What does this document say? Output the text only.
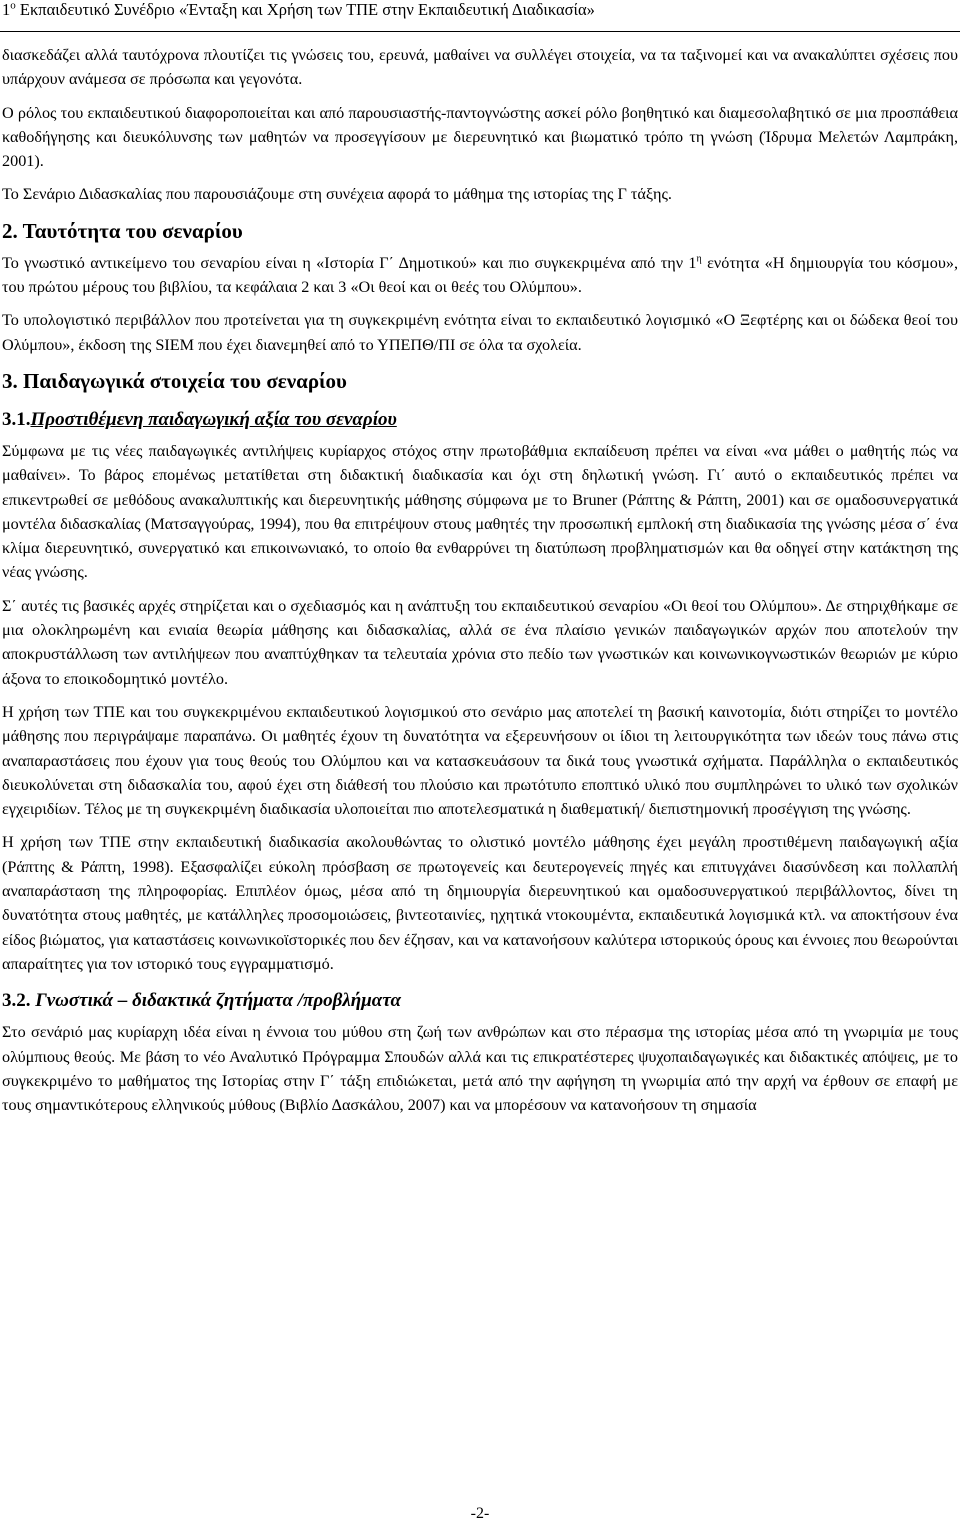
$1^o$ Εκπαιδευτικό Συνέδριο «Ένταξη και Χρήση των ΤΠΕ στην Εκπαιδευτική Διαδικασία»

διασκεδάζει αλλά ταυτόχρονα πλουτίζει τις γνώσεις του, ερευνά, μαθαίνει να συλλέγει στοιχεία, να τα ταξινομεί και να ανακαλύπτει σχέσεις που υπάρχουν ανάμεσα σε πρόσωπα και γεγονότα.

Ο ρόλος του εκπαιδευτικού διαφοροποιείται και από παρουσιαστής-παντογνώστης ασκεί ρόλο βοηθητικό και διαμεσολαβητικό σε μια προσπάθεια καθοδήγησης και διευκόλυνσης των μαθητών να προσεγγίσουν με διερευνητικό και βιωματικό τρόπο τη γνώση (Ίδρυμα Μελετών Λαμπράκη, 2001).

Το Σενάριο Διδασκαλίας που παρουσιάζουμε στη συνέχεια αφορά το μάθημα της ιστορίας της Γ τάξης.

2. Ταυτότητα του σεναρίου

Το γνωστικό αντικείμενο του σεναρίου είναι η «Ιστορία Γ΄ Δημοτικού» και πιο συγκεκριμένα από την $1^\eta$ ενότητα «Η δημιουργία του κόσμου», του πρώτου μέρους του βιβλίου, τα κεφάλαια 2 και 3 «Οι θεοί και οι θεές του Ολύμπου».

Το υπολογιστικό περιβάλλον που προτείνεται για τη συγκεκριμένη ενότητα είναι το εκπαιδευτικό λογισμικό «Ο Ξεφτέρης και οι δώδεκα θεοί του Ολύμπου», έκδοση της SIEM που έχει διανεμηθεί από το ΥΠΕΠΘ/ΠΙ σε όλα τα σχολεία.

3. Παιδαγωγικά στοιχεία του σεναρίου
3.1.Προστιθέμενη παιδαγωγική αξία του σεναρίου

Σύμφωνα με τις νέες παιδαγωγικές αντιλήψεις κυρίαρχος στόχος στην πρωτοβάθμια εκπαίδευση πρέπει να είναι «να μάθει ο μαθητής πώς να μαθαίνει». Το βάρος επομένως μετατίθεται στη διδακτική διαδικασία και όχι στη δηλωτική γνώση. Γι΄ αυτό ο εκπαιδευτικός πρέπει να επικεντρωθεί σε μεθόδους ανακαλυπτικής και διερευνητικής μάθησης σύμφωνα με το Bruner (Ράπτης & Ράπτη, 2001) και σε ομαδοσυνεργατικά μοντέλα διδασκαλίας (Ματσαγγούρας, 1994), που θα επιτρέψουν στους μαθητές την προσωπική εμπλοκή στη διαδικασία της γνώσης μέσα σ΄ ένα κλίμα διερευνητικό, συνεργατικό και επικοινωνιακό, το οποίο θα ενθαρρύνει τη διατύπωση προβληματισμών και θα οδηγεί στην κατάκτηση της νέας γνώσης.

Σ΄ αυτές τις βασικές αρχές στηρίζεται και ο σχεδιασμός και η ανάπτυξη του εκπαιδευτικού σεναρίου «Οι θεοί του Ολύμπου». Δε στηριχθήκαμε σε μια ολοκληρωμένη και ενιαία θεωρία μάθησης και διδασκαλίας, αλλά σε ένα πλαίσιο γενικών παιδαγωγικών αρχών που αποτελούν την αποκρυστάλλωση των αντιλήψεων που αναπτύχθηκαν τα τελευταία χρόνια στο πεδίο των γνωστικών και κοινωνικογνωστικών θεωριών με κύριο άξονα το εποικοδομητικό μοντέλο.

Η χρήση των ΤΠΕ και του συγκεκριμένου εκπαιδευτικού λογισμικού στο σενάριο μας αποτελεί τη βασική καινοτομία, διότι στηρίζει το μοντέλο μάθησης που περιγράψαμε παραπάνω. Οι μαθητές έχουν τη δυνατότητα να εξερευνήσουν οι ίδιοι τη λειτουργικότητα των ιδεών τους πάνω στις αναπαραστάσεις που έχουν για τους θεούς του Ολύμπου και να κατασκευάσουν τα δικά τους γνωστικά σχήματα. Παράλληλα ο εκπαιδευτικός διευκολύνεται στη διδασκαλία του, αφού έχει στη διάθεσή του πλούσιο και πρωτότυπο εποπτικό υλικό που συμπληρώνει το υλικό των σχολικών εγχειριδίων. Τέλος με τη συγκεκριμένη διαδικασία υλοποιείται πιο αποτελεσματικά η διαθεματική/ διεπιστημονική προσέγγιση της γνώσης.

Η χρήση των ΤΠΕ στην εκπαιδευτική διαδικασία ακολουθώντας το ολιστικό μοντέλο μάθησης έχει μεγάλη προστιθέμενη παιδαγωγική αξία (Ράπτης & Ράπτη, 1998). Εξασφαλίζει εύκολη πρόσβαση σε πρωτογενείς και δευτερογενείς πηγές και επιτυγχάνει διασύνδεση και πολλαπλή αναπαράσταση της πληροφορίας. Επιπλέον όμως, μέσα από τη δημιουργία διερευνητικού και ομαδοσυνεργατικού περιβάλλοντος, δίνει τη δυνατότητα στους μαθητές, με κατάλληλες προσομοιώσεις, βιντεοταινίες, ηχητικά ντοκουμέντα, εκπαιδευτικά λογισμικά κτλ. να αποκτήσουν ένα είδος βιώματος, για καταστάσεις κοινωνικοϊστορικές που δεν έζησαν, και να κατανοήσουν καλύτερα ιστορικούς όρους και έννοιες που θεωρούνται απαραίτητες για τον ιστορικό τους εγγραμματισμό.

3.2. Γνωστικά – διδακτικά ζητήματα /προβλήματα

Στο σενάριό μας κυρίαρχη ιδέα είναι η έννοια του μύθου στη ζωή των ανθρώπων και στο πέρασμα της ιστορίας μέσα από τη γνωριμία με τους ολύμπιους θεούς. Με βάση το νέο Αναλυτικό Πρόγραμμα Σπουδών αλλά και τις επικρατέστερες ψυχοπαιδαγωγικές και διδακτικές απόψεις, με το συγκεκριμένο το μαθήματος της Ιστορίας στην Γ΄ τάξη επιδιώκεται, μετά από την αφήγηση τη γνωριμία από την αρχή να έρθουν σε επαφή με τους σημαντικότερους ελληνικούς μύθους (Βιβλίο Δασκάλου, 2007) και να μπορέσουν να κατανοήσουν τη σημασία

-2-
